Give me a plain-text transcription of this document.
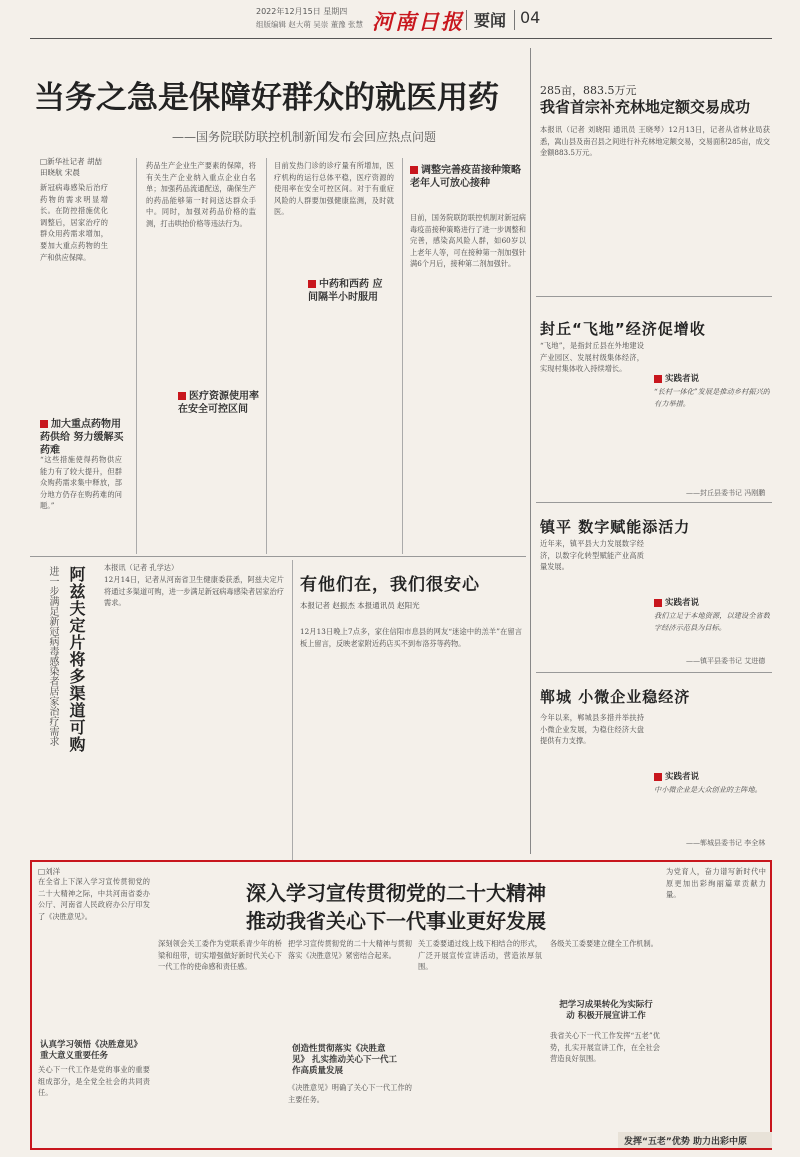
2022年12月15日 星期四
组版编辑 赵大萌 吴崇 董豫 张慧 河南日报 要闻 04
当务之急是保障好群众的就医用药
——国务院联防联控机制新闻发布会回应热点问题
□新华社记者 胡喆 田晓航 宋晨
新冠病毒感染后治疗药物的需求明显增长。在防控措施优化调整后，居家治疗的群众用药需求增加，要加大重点药物的生产和供应保障。
加大重点药物用药供给 努力缓解买药难
“这些措施使得药物供应能力有了较大提升，但群众购药需求集中释放，部分地方仍存在购药难的问题。”
药品生产企业生产要素的保障，将有关生产企业纳入重点企业白名单；加强药品流通配送，确保生产的药品能够第一时间送达群众手中。同时，加强对药品价格的监测，打击哄抬价格等违法行为。
医疗资源使用率 在安全可控区间
目前发热门诊的诊疗量有所增加，医疗机构的运行总体平稳，医疗资源的使用率在安全可控区间。对于有重症风险的人群要加强健康监测，及时就医。
中药和西药 应间隔半小时服用
目前，国务院联防联控机制对新冠病毒疫苗接种策略进行了进一步调整和完善，感染高风险人群，如60岁以上老年人等，可在接种第一剂加强针满6个月后，接种第二剂加强针。
调整完善疫苗接种策略 老年人可放心接种
阿兹夫定片将多渠道可购
进一步满足新冠病毒感染者居家治疗需求	本报讯（记者 孔学达）
12月14日，记者从河南省卫生健康委获悉，阿兹夫定片将通过多渠道可购，进一步满足新冠病毒感染者居家治疗需求。
有他们在，我们很安心
本报记者 赵振杰 本报通讯员 赵阳光
12月13日晚上7点多，家住信阳市息县的网友“迷途中的羔羊”在留言板上留言，反映老家附近药店买不到布洛芬等药物。
285亩，883.5万元
我省首宗补充林地定额交易成功
本报讯（记者 刘晓阳 通讯员 王晓琴）12月13日，记者从省林业局获悉，嵩山县及南召县之间进行补充林地定额交易，交易面积285亩，成交金额883.5万元。
封丘“飞地”经济促增收
“飞地”，是指封丘县在外地建设产业园区、发展村级集体经济，实现村集体收入持续增长。
实践者说
“长村一体化”发展是推动乡村振兴的有力举措。
——封丘县委书记 冯刚鹏
镇平 数字赋能添活力
近年来，镇平县大力发展数字经济，以数字化转型赋能产业高质量发展。
实践者说
我们立足于本地资源，以建设全省数字经济示范县为目标。
——镇平县委书记 艾进德
郸城 小微企业稳经济
今年以来，郸城县多措并举扶持小微企业发展，为稳住经济大盘提供有力支撑。
实践者说
中小微企业是大众创业的主阵地。
——郸城县委书记 李全林
□刘洋
深入学习宣传贯彻党的二十大精神
推动我省关心下一代事业更好发展
在全省上下深入学习宣传贯彻党的二十大精神之际，中共河南省委办公厅、河南省人民政府办公厅印发了《决胜意见》。
认真学习领悟《决胜意见》重大意义重要任务
关心下一代工作是党的事业的重要组成部分，是全党全社会的共同责任。
深刻领会关工委作为党联系青少年的桥梁和纽带，切实增强做好新时代关心下一代工作的使命感和责任感。
把学习宣传贯彻党的二十大精神与贯彻落实《决胜意见》紧密结合起来。
创造性贯彻落实《决胜意见》 扎实推动关心下一代工作高质量发展
《决胜意见》明确了关心下一代工作的主要任务。
关工委要通过线上线下相结合的形式，广泛开展宣传宣讲活动，营造浓厚氛围。
各级关工委要建立健全工作机制。
把学习成果转化为实际行动 积极开展宣讲工作
我省关心下一代工作发挥“五老”优势，扎实开展宣讲工作，在全社会营造良好氛围。
为党育人，奋力谱写新时代中原更加出彩绚丽篇章贡献力量。
发挥“五老”优势 助力出彩中原
